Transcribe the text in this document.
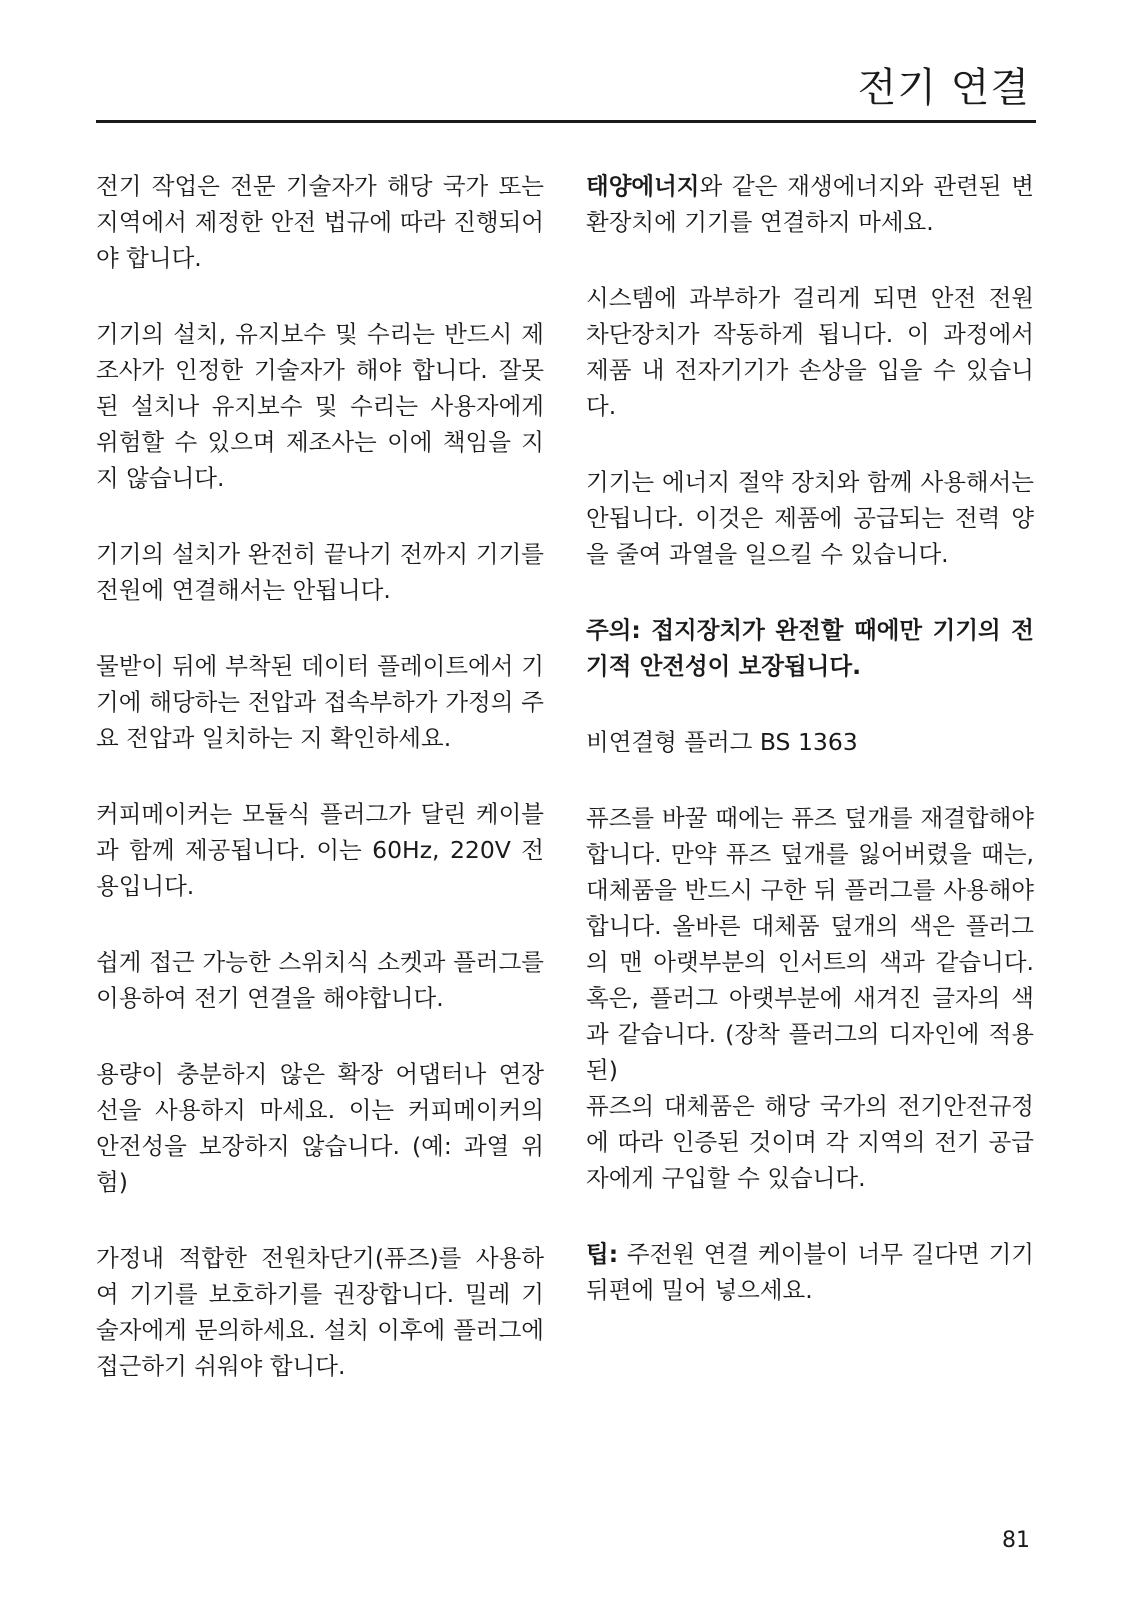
전기 연결

전기 작업은 전문 기술자가 해당 국가 또는 지역에서 제정한 안전 법규에 따라 진행되어야 합니다.

기기의 설치, 유지보수 및 수리는 반드시 제조사가 인정한 기술자가 해야 합니다. 잘못된 설치나 유지보수 및 수리는 사용자에게 위험할 수 있으며 제조사는 이에 책임을 지지 않습니다.

기기의 설치가 완전히 끝나기 전까지 기기를 전원에 연결해서는 안됩니다.

물받이 뒤에 부착된 데이터 플레이트에서 기기에 해당하는 전압과 접속부하가 가정의 주요 전압과 일치하는 지 확인하세요.

커피메이커는 모듈식 플러그가 달린 케이블과 함께 제공됩니다. 이는 60Hz, 220V 전용입니다.

쉽게 접근 가능한 스위치식 소켓과 플러그를 이용하여 전기 연결을 해야합니다.

용량이 충분하지 않은 확장 어댑터나 연장 선을 사용하지 마세요. 이는 커피메이커의 안전성을 보장하지 않습니다. (예: 과열 위험)

가정내 적합한 전원차단기(퓨즈)를 사용하여 기기를 보호하기를 권장합니다. 밀레 기술자에게 문의하세요. 설치 이후에 플러그에 접근하기 쉬워야 합니다.

태양에너지와 같은 재생에너지와 관련된 변환장치에 기기를 연결하지 마세요.

시스템에 과부하가 걸리게 되면 안전 전원 차단장치가 작동하게 됩니다. 이 과정에서 제품 내 전자기기가 손상을 입을 수 있습니다.

기기는 에너지 절약 장치와 함께 사용해서는 안됩니다. 이것은 제품에 공급되는 전력 양을 줄여 과열을 일으킬 수 있습니다.

주의: 접지장치가 완전할 때에만 기기의 전기적 안전성이 보장됩니다.

비연결형 플러그 BS 1363

퓨즈를 바꿀 때에는 퓨즈 덮개를 재결합해야합니다. 만약 퓨즈 덮개를 잃어버렸을 때는, 대체품을 반드시 구한 뒤 플러그를 사용해야 합니다. 올바른 대체품 덮개의 색은 플러그의 맨 아랫부분의 인서트의 색과 같습니다. 혹은, 플러그 아랫부분에 새겨진 글자의 색과 같습니다. (장착 플러그의 디자인에 적용된)

퓨즈의 대체품은 해당 국가의 전기안전규정에 따라 인증된 것이며 각 지역의 전기 공급자에게 구입할 수 있습니다.

팁: 주전원 연결 케이블이 너무 길다면 기기 뒤편에 밀어 넣으세요.

81
